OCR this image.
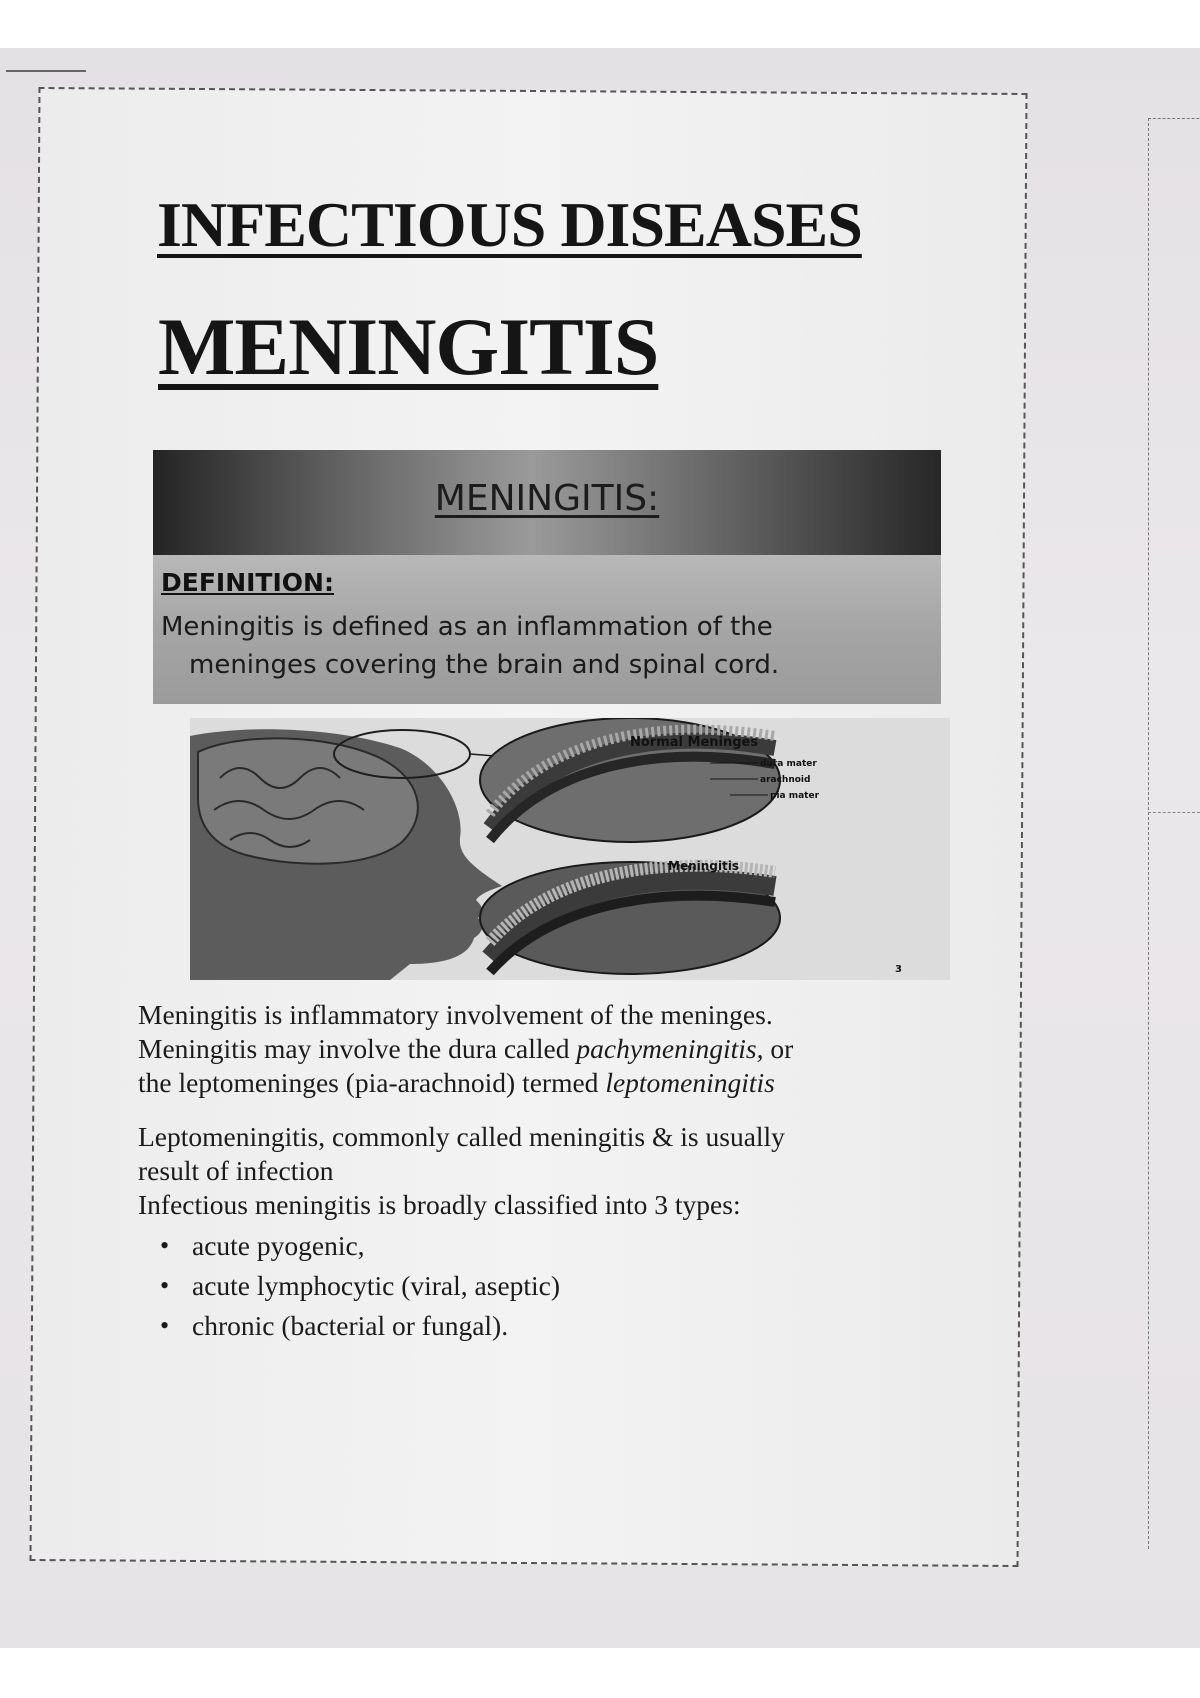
INFECTIOUS DISEASES
MENINGITIS
MENINGITIS:
DEFINITION:
Meningitis is defined as an inflammation of the
meninges covering the brain and spinal cord.
Normal Meninges
dura mater
arachnoid
pia mater
Meningitis
3

Meningitis is inflammatory involvement of the meninges.

Meningitis may involve the dura called pachymeningitis, or

the leptomeninges (pia-arachnoid) termed leptomeningitis

Leptomeningitis, commonly called meningitis & is usually result of infection

Infectious meningitis is broadly classified into 3 types:

• acute pyogenic,
• acute lymphocytic (viral, aseptic)
• chronic (bacterial or fungal).
